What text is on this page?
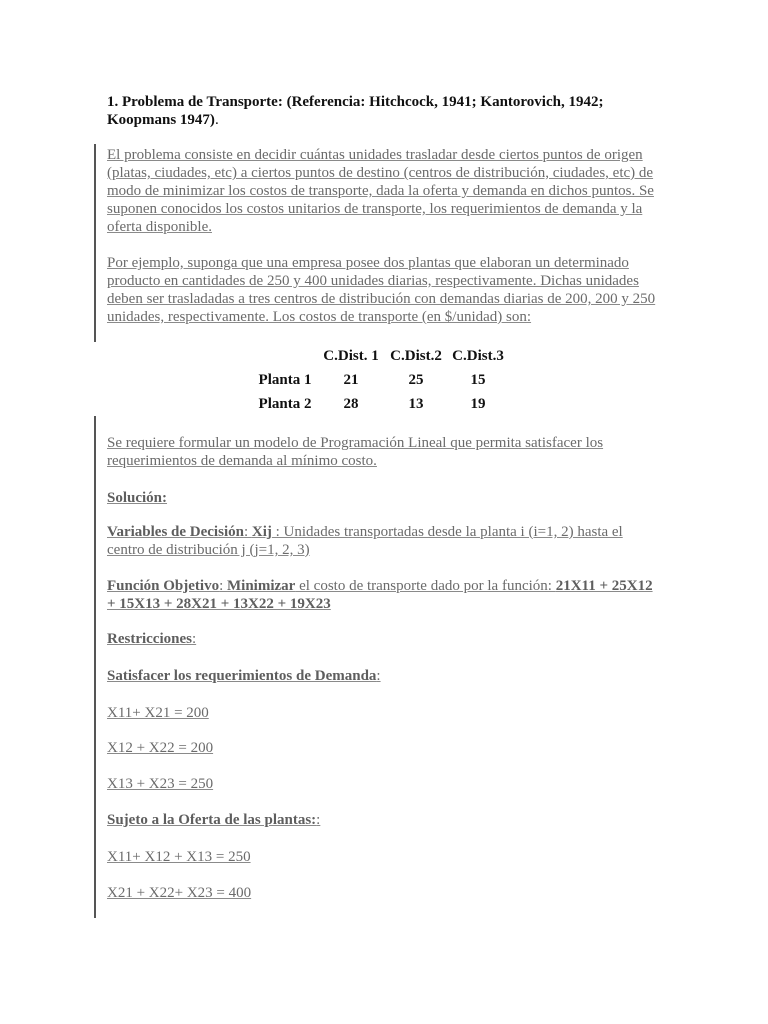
1. Problema de Transporte: (Referencia: Hitchcock, 1941; Kantorovich, 1942; Koopmans 1947).
El problema consiste en decidir cuántas unidades trasladar desde ciertos puntos de origen (platas, ciudades, etc) a ciertos puntos de destino (centros de distribución, ciudades, etc) de modo de minimizar los costos de transporte, dada la oferta y demanda en dichos puntos. Se suponen conocidos los costos unitarios de transporte, los requerimientos de demanda y la oferta disponible.
Por ejemplo, suponga que una empresa posee dos plantas que elaboran un determinado producto en cantidades de 250 y 400 unidades diarias, respectivamente. Dichas unidades deben ser trasladadas a tres centros de distribución con demandas diarias de 200, 200 y 250 unidades, respectivamente. Los costos de transporte (en $/unidad) son:
	C.Dist. 1	C.Dist.2	C.Dist.3
Planta 1	21	25	15
Planta 2	28	13	19
Se requiere formular un modelo de Programación Lineal que permita satisfacer los requerimientos de demanda al mínimo costo.
Solución:
Variables de Decisión: Xij : Unidades transportadas desde la planta i (i=1, 2) hasta el centro de distribución j (j=1, 2, 3)
Función Objetivo: Minimizar el costo de transporte dado por la función: 21X11 + 25X12 + 15X13 + 28X21 + 13X22 + 19X23
Restricciones:
Satisfacer los requerimientos de Demanda:
X11+ X21 = 200
X12 + X22 = 200
X13 + X23 = 250
Sujeto a la Oferta de las plantas::
X11+ X12 + X13 = 250
X21 + X22+ X23 = 400
